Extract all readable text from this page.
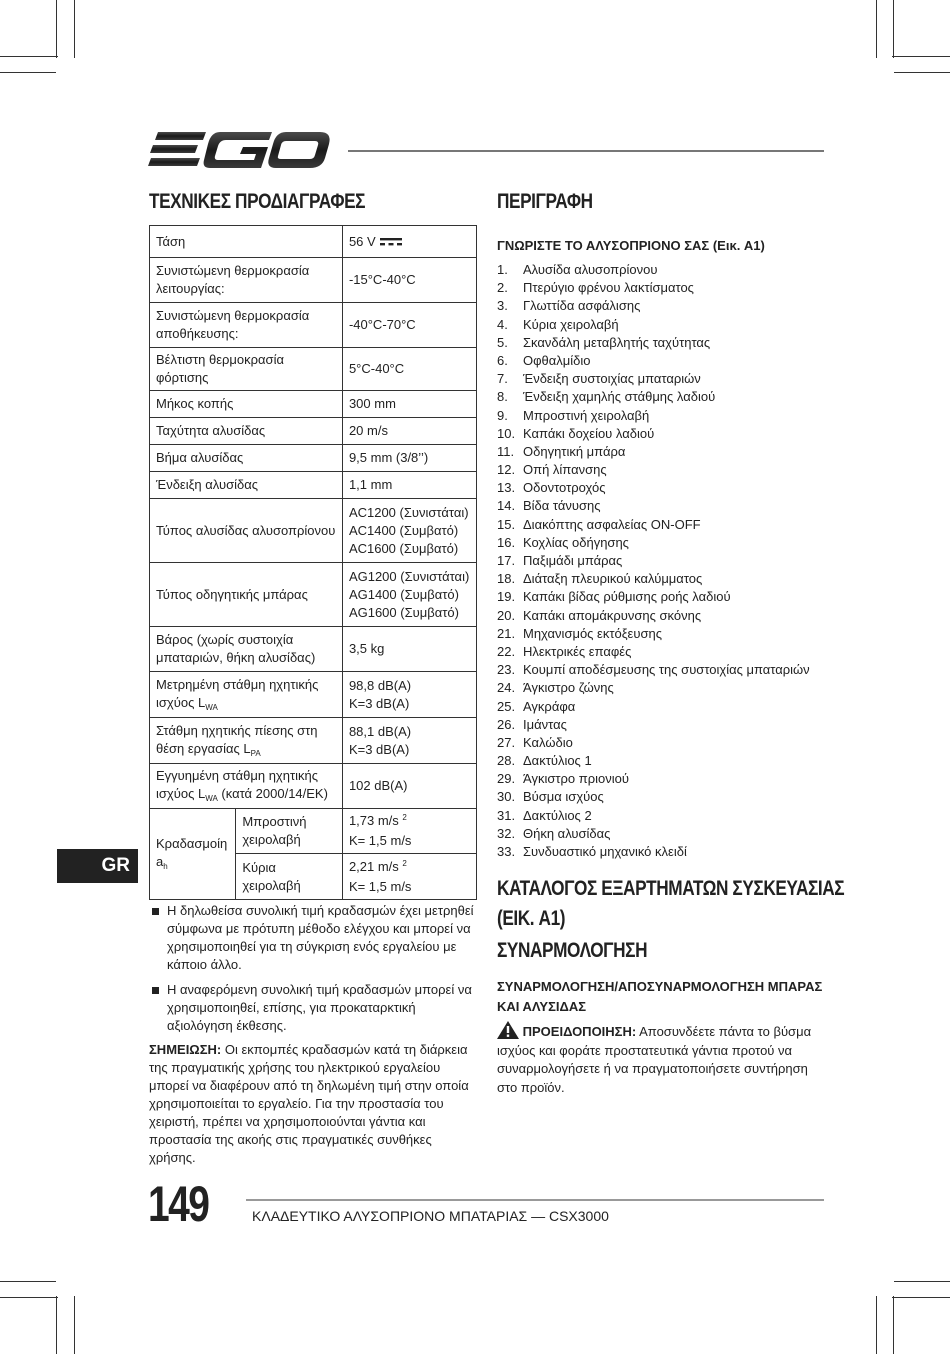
GR
ΤΕΧΝΙΚΕΣ ΠΡΟΔΙΑΓΡΑΦΕΣ
Τάση		56 V
Συνιστώμενη θερμοκρασία λειτουργίας:		-15°C-40°C
Συνιστώμενη θερμοκρασία αποθήκευσης:		-40°C-70°C
Βέλτιστη θερμοκρασία φόρτισης		5°C-40°C
Μήκος κοπής		300 mm
Ταχύτητα αλυσίδας		20 m/s
Βήμα αλυσίδας		9,5 mm (3/8’’)
Ένδειξη αλυσίδας		1,1 mm
Τύπος αλυσίδας αλυσοπρίονου		AC1200 (Συνιστάται)
AC1400 (Συμβατό)
AC1600 (Συμβατό)

Τύπος οδηγητικής μπάρας		AG1200 (Συνιστάται)
AG1400 (Συμβατό)
AG1600 (Συμβατό)

Βάρος (χωρίς συστοιχία μπαταριών, θήκη αλυσίδας)		3,5 kg
Μετρημένη στάθμη ηχητικής ισχύος $L_{WA}$		98,8 dB(A)
K=3 dB(A)

Στάθμη ηχητικής πίεσης στη θέση εργασίας $L_{PA}$		88,1 dB(A)
K=3 dB(A)

Εγγυημένη στάθμη ηχητικής ισχύος $L_{WA}$ (κατά 2000/14/ΕΚ)		102 dB(A)
Κραδασμοίη $a_h$	Μπροστινή χειρολαβή	1,73 m/s $^2$
K= 1,5 m/s

	Κύρια χειρολαβή	2,21 m/s $^2$
K= 1,5 m/s
Η δηλωθείσα συνολική τιμή κραδασμών έχει μετρηθεί σύμφωνα με πρότυπη μέθοδο ελέγχου και μπορεί να χρησιμοποιηθεί για τη σύγκριση ενός εργαλείου με κάποιο άλλο.
Η αναφερόμενη συνολική τιμή κραδασμών μπορεί να χρησιμοποιηθεί, επίσης, για προκαταρκτική αξιολόγηση έκθεσης.
ΣΗΜΕΙΩΣΗ: Οι εκπομπές κραδασμών κατά τη διάρκεια της πραγματικής χρήσης του ηλεκτρικού εργαλείου μπορεί να διαφέρουν από τη δηλωμένη τιμή στην οποία χρησιμοποιείται το εργαλείο. Για την προστασία του χειριστή, πρέπει να χρησιμοποιούνται γάντια και προστασία της ακοής στις πραγματικές συνθήκες χρήσης.
ΠΕΡΙΓΡΑΦΗ
ΓΝΩΡΙΣΤΕ ΤΟ ΑΛΥΣΟΠΡΙΟΝΟ ΣΑΣ (Εικ. A1)
1. Αλυσίδα αλυσοπρίονου
2. Πτερύγιο φρένου λακτίσματος
3. Γλωττίδα ασφάλισης
4. Κύρια χειρολαβή
5. Σκανδάλη μεταβλητής ταχύτητας
6. Οφθαλμίδιο
7. Ένδειξη συστοιχίας μπαταριών
8. Ένδειξη χαμηλής στάθμης λαδιού
9. Μπροστινή χειρολαβή
10. Καπάκι δοχείου λαδιού
11. Οδηγητική μπάρα
12. Οπή λίπανσης
13. Οδοντοτροχός
14. Βίδα τάνυσης
15. Διακόπτης ασφαλείας ON-OFF
16. Κοχλίας οδήγησης
17. Παξιμάδι μπάρας
18. Διάταξη πλευρικού καλύμματος
19. Καπάκι βίδας ρύθμισης ροής λαδιού
20. Καπάκι απομάκρυνσης σκόνης
21. Μηχανισμός εκτόξευσης
22. Ηλεκτρικές επαφές
23. Κουμπί αποδέσμευσης της συστοιχίας μπαταριών
24. Άγκιστρο ζώνης
25. Αγκράφα
26. Ιμάντας
27. Καλώδιο
28. Δακτύλιος 1
29. Άγκιστρο πριονιού
30. Βύσμα ισχύος
31. Δακτύλιος 2
32. Θήκη αλυσίδας
33. Συνδυαστικό μηχανικό κλειδί
ΚΑΤΑΛΟΓΟΣ ΕΞΑΡΤΗΜΑΤΩΝ ΣΥΣΚΕΥΑΣΙΑΣ
(ΕΙΚ. A1)
ΣΥΝΑΡΜΟΛΟΓΗΣΗ
ΣΥΝΑΡΜΟΛΟΓΗΣΗ/ΑΠΟΣΥΝΑΡΜΟΛΟΓΗΣΗ ΜΠΑΡΑΣ
ΚΑΙ ΑΛΥΣΙΔΑΣ
ΠΡΟΕΙΔΟΠΟΙΗΣΗ: Αποσυνδέετε πάντα το βύσμα ισχύος και φοράτε προστατευτικά γάντια προτού να συναρμολογήσετε ή να πραγματοποιήσετε συντήρηση στο προϊόν.
149	ΚΛΑΔΕΥΤΙΚΟ ΑΛΥΣΟΠΡΙΟΝΟ ΜΠΑΤΑΡΙΑΣ — CSX3000
